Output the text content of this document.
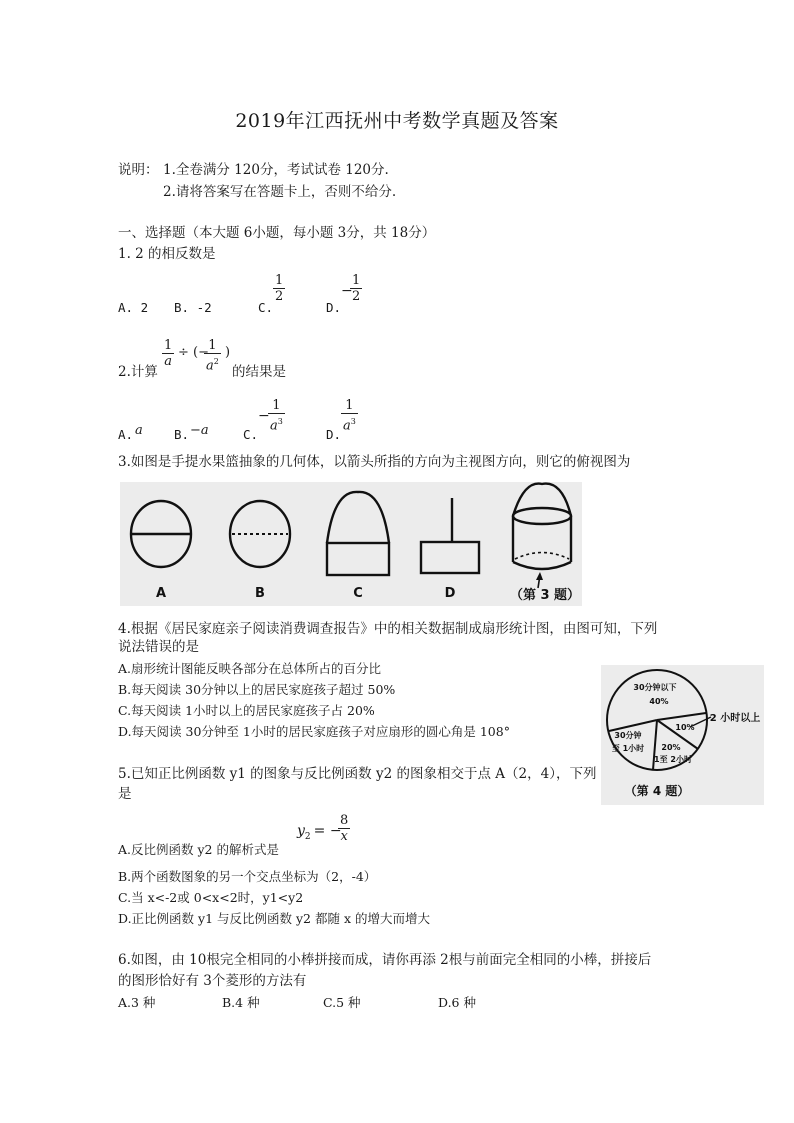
2019年江西抚州中考数学真题及答案
说明： 1.全卷满分 120分，考试试卷 120分.
2.请将答案写在答题卡上，否则不给分.
一、选择题（本大题 6小题，每小题 3分，共 18分）
1. 2 的相反数是
A. 2 B. -2	C.
$\frac{1}{2}$
D.
−
$\frac{1}{2}$
2.计算
$\frac{1}{a}$ ÷ (−
$\frac{1}{a^2}$ )
的结果是
A. a B. −a	C.
−
$\frac{1}{a^3}$
D.
$\frac{1}{a^3}$
3.如图是手提水果篮抽象的几何体，以箭头所指的方向为主视图方向，则它的俯视图为
A	B	C	D	（第 3 题）
4.根据《居民家庭亲子阅读消费调查报告》中的相关数据制成扇形统计图，由图可知，下列
说法错误的是
A.扇形统计图能反映各部分在总体所占的百分比
B.每天阅读 30分钟以上的居民家庭孩子超过 50%
C.每天阅读 1小时以上的居民家庭孩子占 20%
D.每天阅读 30分钟至 1小时的居民家庭孩子对应扇形的圆心角是 108°
30分钟以下
40%
30分钟
至 1小时 20%
1至 2小时
10%
2 小时以上
（第 4 题）
5.已知正比例函数 y1 的图象与反比例函数 y2 的图象相交于点 A（2，4），下列
是
A.反比例函数 y2 的解析式是
$y_2$ = −
$\frac{8}{x}$
B.两个函数图象的另一个交点坐标为（2，-4）
C.当 x<-2或 0<x<2时，y1<y2
D.正比例函数 y1 与反比例函数 y2 都随 x 的增大而增大
6.如图，由 10根完全相同的小棒拼接而成，请你再添 2根与前面完全相同的小棒，拼接后
的图形恰好有 3个菱形的方法有
A.3 种	B.4 种	C.5 种	D.6 种
